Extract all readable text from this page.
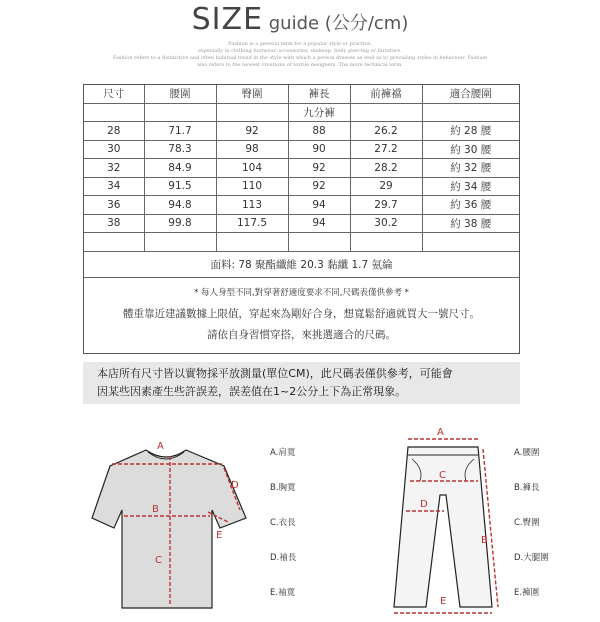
SIZE guide (公分/cm)
Fashion is a general term for a popular style or practice,
especially in clothing footwear, accessories, makeup, body piercing or furniture.
Fashion refers to a distinctive and often habitual trend in the style with which a person dresses as well as to prevailing styles in behaviour. Fashion
also refers to the newest creations of textile designers. The more technical term.
尺寸	腰圍	臀圍	褲長	前褲襠	適合腰圍
			九分褲		
28	71.7	92	88	26.2	約 28 腰
30	78.3	98	90	27.2	約 30 腰
32	84.9	104	92	28.2	約 32 腰
34	91.5	110	92	29	約 34 腰
36	94.8	113	94	29.7	約 36 腰
38	99.8	117.5	94	30.2	約 38 腰

面料: 78 聚酯纖維 20.3 黏纖 1.7 氨綸					

* 每人身型不同,對穿著舒適度要求不同,尺碼表僅供參考 *
體重靠近建議數據上限值，穿起來為剛好合身，想寬鬆舒適就買大一號尺寸。
請依自身習慣穿搭，來挑選適合的尺碼。					
本店所有尺寸皆以實物採平放測量(單位CM)，此尺碼表僅供參考，可能會
因某些因素產生些許誤差，誤差值在1~2公分上下為正常現象。
A
B
C
D
E
A.肩寬
B.胸寬
C.衣長
D.袖長
E.袖寬
A
B
C
D
E
A.腰圍
B.褲長
C.臀圍
D.大腿圍
E.褲圍
